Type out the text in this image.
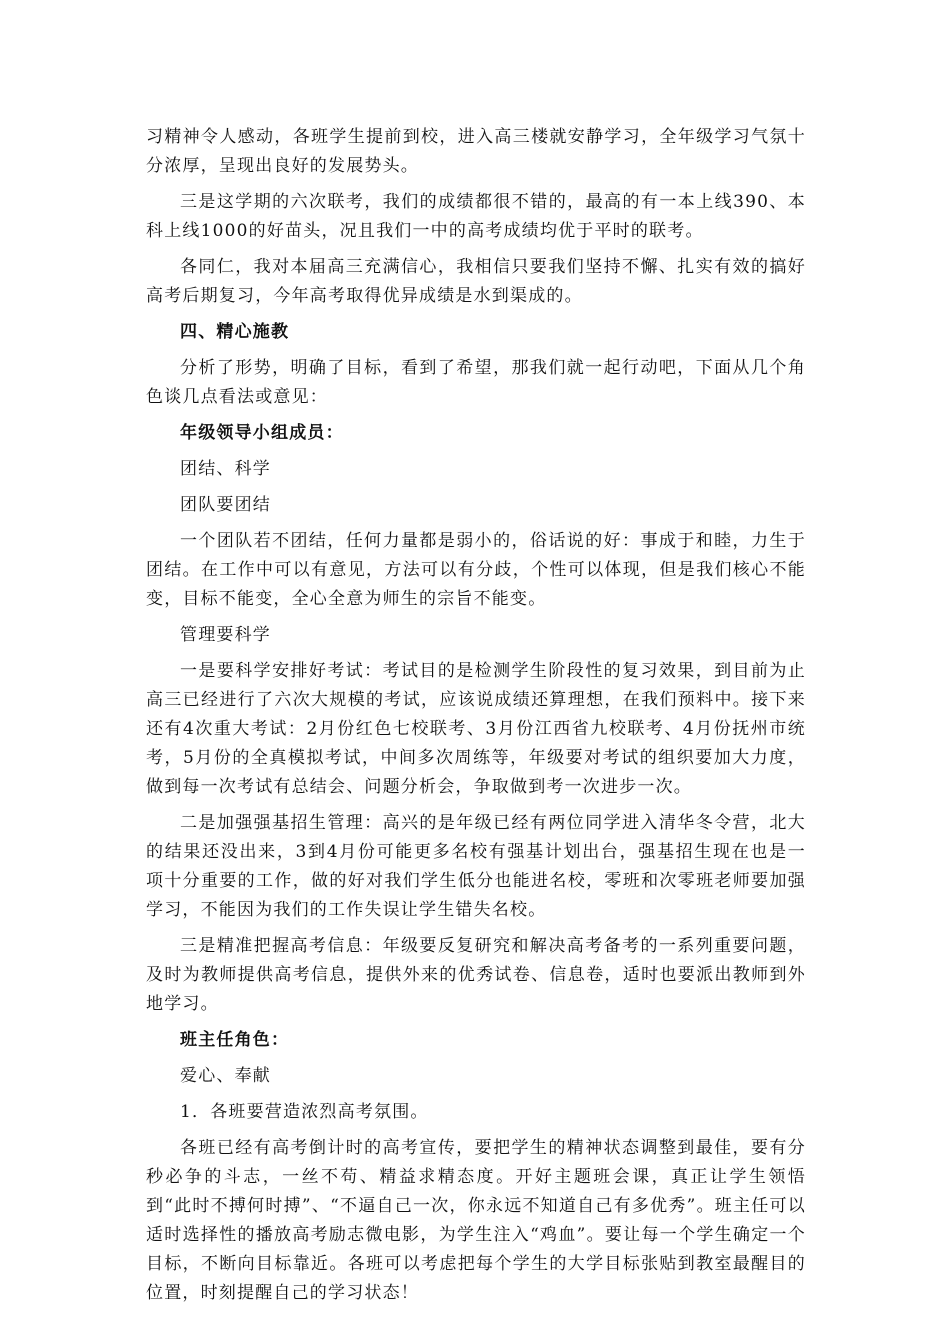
习精神令人感动，各班学生提前到校，进入高三楼就安静学习，全年级学习气氛十分浓厚，呈现出良好的发展势头。

三是这学期的六次联考，我们的成绩都很不错的，最高的有一本上线390、本科上线1000的好苗头，况且我们一中的高考成绩均优于平时的联考。

各同仁，我对本届高三充满信心，我相信只要我们坚持不懈、扎实有效的搞好高考后期复习，今年高考取得优异成绩是水到渠成的。

四、精心施教

分析了形势，明确了目标，看到了希望，那我们就一起行动吧，下面从几个角色谈几点看法或意见：

年级领导小组成员：

团结、科学

团队要团结

一个团队若不团结，任何力量都是弱小的，俗话说的好：事成于和睦，力生于团结。在工作中可以有意见，方法可以有分歧，个性可以体现，但是我们核心不能变，目标不能变，全心全意为师生的宗旨不能变。

管理要科学

一是要科学安排好考试：考试目的是检测学生阶段性的复习效果，到目前为止高三已经进行了六次大规模的考试，应该说成绩还算理想，在我们预料中。接下来还有4次重大考试：2月份红色七校联考、3月份江西省九校联考、4月份抚州市统考，5月份的全真模拟考试，中间多次周练等，年级要对考试的组织要加大力度，做到每一次考试有总结会、问题分析会，争取做到考一次进步一次。

二是加强强基招生管理：高兴的是年级已经有两位同学进入清华冬令营，北大的结果还没出来，3到4月份可能更多名校有强基计划出台，强基招生现在也是一项十分重要的工作，做的好对我们学生低分也能进名校，零班和次零班老师要加强学习，不能因为我们的工作失误让学生错失名校。

三是精准把握高考信息：年级要反复研究和解决高考备考的一系列重要问题，及时为教师提供高考信息，提供外来的优秀试卷、信息卷，适时也要派出教师到外地学习。

班主任角色：

爱心、奉献

1．各班要营造浓烈高考氛围。

各班已经有高考倒计时的高考宣传，要把学生的精神状态调整到最佳，要有分秒必争的斗志，一丝不苟、精益求精态度。开好主题班会课，真正让学生领悟到“此时不搏何时搏”、“不逼自己一次，你永远不知道自己有多优秀”。班主任可以适时选择性的播放高考励志微电影，为学生注入“鸡血”。要让每一个学生确定一个目标，不断向目标靠近。各班可以考虑把每个学生的大学目标张贴到教室最醒目的位置，时刻提醒自己的学习状态！
